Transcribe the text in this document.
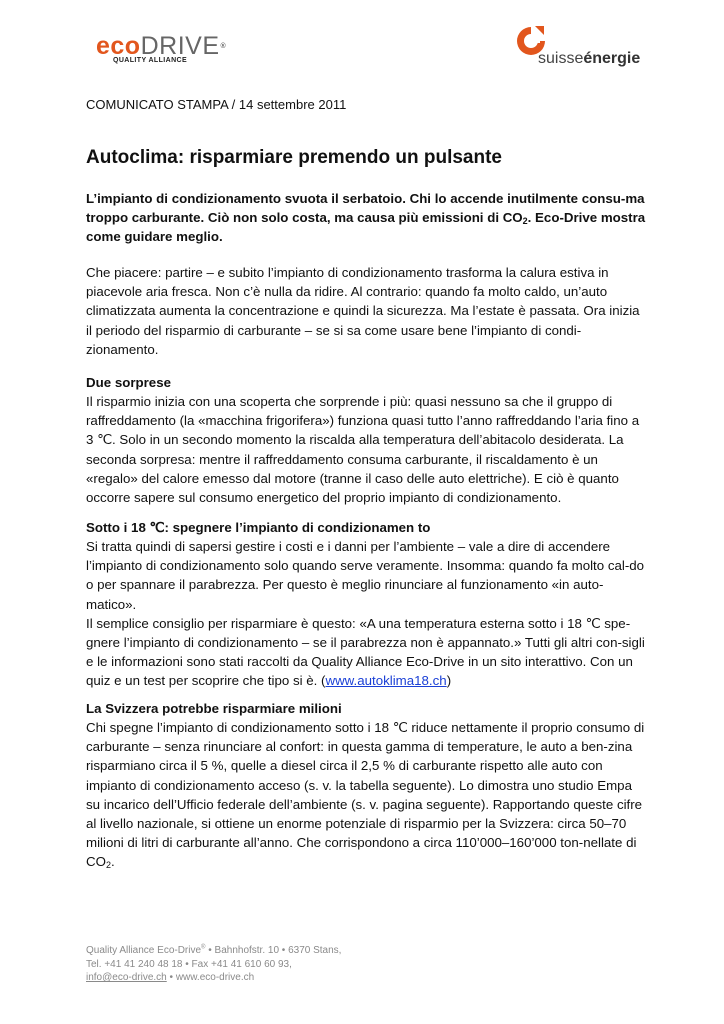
ecoDRIVE®
QUALITY ALLIANCE	suisseénergie
COMUNICATO STAMPA / 14 settembre 2011
Autoclima: risparmiare premendo un pulsante

L’impianto di condizionamento svuota il serbatoio. Chi lo accende inutilmente consu-ma troppo carburante. Ciò non solo costa, ma causa più emissioni di $CO_2$. Eco-Drive mostra come guidare meglio.

Che piacere: partire – e subito l’impianto di condizionamento trasforma la calura estiva in piacevole aria fresca. Non c’è nulla da ridire. Al contrario: quando fa molto caldo, un’auto climatizzata aumenta la concentrazione e quindi la sicurezza. Ma l’estate è passata. Ora inizia il periodo del risparmio di carburante – se si sa come usare bene l’impianto di condi-zionamento.

Due sorprese

Il risparmio inizia con una scoperta che sorprende i più: quasi nessuno sa che il gruppo di raffreddamento (la «macchina frigorifera») funziona quasi tutto l’anno raffreddando l’aria fino a 3 ℃. Solo in un secondo momento la riscalda alla temperatura dell’abitacolo desiderata. La seconda sorpresa: mentre il raffreddamento consuma carburante, il riscaldamento è un «regalo» del calore emesso dal motore (tranne il caso delle auto elettriche). E ciò è quanto occorre sapere sul consumo energetico del proprio impianto di condizionamento.

Sotto i 18 ℃: spegnere l’impianto di condizionamen to

Si tratta quindi di sapersi gestire i costi e i danni per l’ambiente – vale a dire di accendere l’impianto di condizionamento solo quando serve veramente. Insomma: quando fa molto cal-do o per spannare il parabrezza. Per questo è meglio rinunciare al funzionamento «in auto-matico».
Il semplice consiglio per risparmiare è questo: «A una temperatura esterna sotto i 18 ℃ spe-gnere l’impianto di condizionamento – se il parabrezza non è appannato.» Tutti gli altri con-sigli e le informazioni sono stati raccolti da Quality Alliance Eco-Drive in un sito interattivo. Con un quiz e un test per scoprire che tipo si è. (www.autoklima18.ch)

La Svizzera potrebbe risparmiare milioni

Chi spegne l’impianto di condizionamento sotto i 18 ℃ riduce nettamente il proprio consumo di carburante – senza rinunciare al confort: in questa gamma di temperature, le auto a ben-zina risparmiano circa il 5 %, quelle a diesel circa il 2,5 % di carburante rispetto alle auto con impianto di condizionamento acceso (s. v. la tabella seguente). Lo dimostra uno studio Empa su incarico dell’Ufficio federale dell’ambiente (s. v. pagina seguente). Rapportando queste cifre al livello nazionale, si ottiene un enorme potenziale di risparmio per la Svizzera: circa 50–70 milioni di litri di carburante all’anno. Che corrispondono a circa 110’000–160’000 ton-nellate di $CO_2$.

Quality Alliance Eco-Drive® • Bahnhofstr. 10 • 6370 Stans,
Tel. +41 41 240 48 18 • Fax +41 41 610 60 93,
info@eco-drive.ch • www.eco-drive.ch
